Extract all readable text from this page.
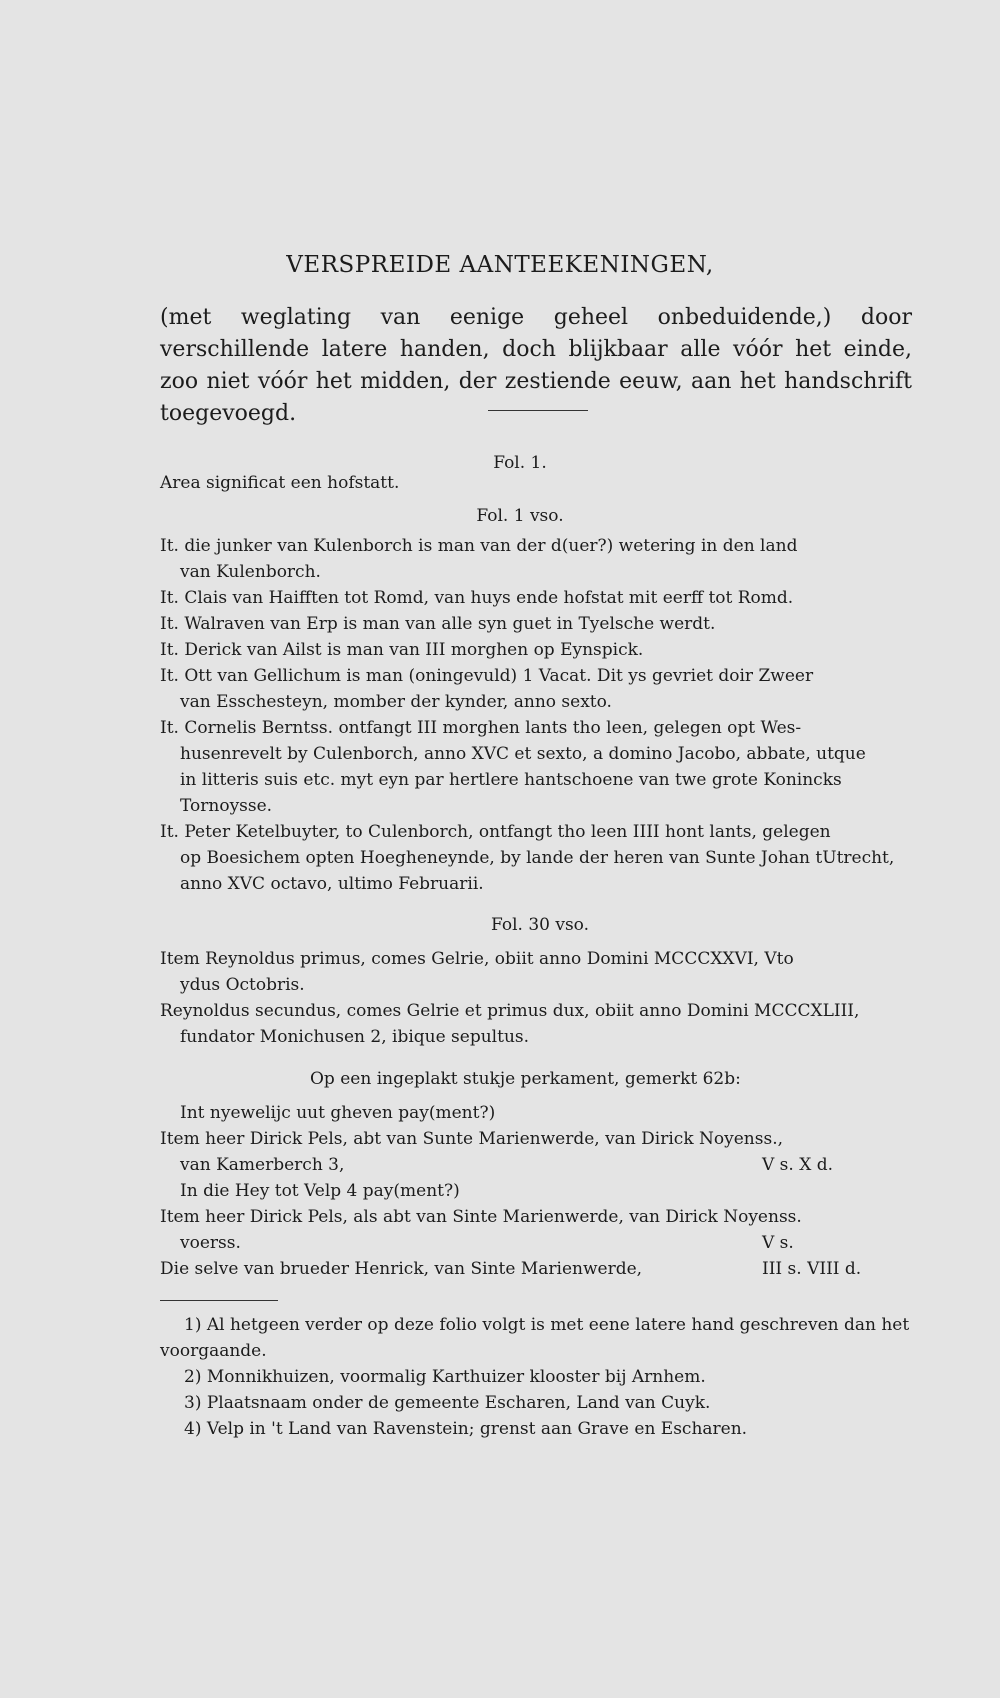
VERSPREIDE AANTEEKENINGEN,
(met weglating van eenige geheel onbeduidende,) door verschillende latere handen, doch blijkbaar alle vóór het einde, zoo niet vóór het midden, der zestiende eeuw, aan het handschrift toegevoegd.
Fol. 1.
Area significat een hofstatt.
Fol. 1 vso.
It. die junker van Kulenborch is man van der d(uer?) wetering in den land
van Kulenborch.
It. Clais van Haifften tot Romd, van huys ende hofstat mit eerff tot Romd.
It. Walraven van Erp is man van alle syn guet in Tyelsche werdt.
It. Derick van Ailst is man van III morghen op Eynspick.
It. Ott van Gellichum is man (oningevuld) 1 Vacat. Dit ys gevriet doir Zweer
van Esschesteyn, momber der kynder, anno sexto.
It. Cornelis Berntss. ontfangt III morghen lants tho leen, gelegen opt Wes-
husenrevelt by Culenborch, anno XVC et sexto, a domino Jacobo, abbate, utque
in litteris suis etc. myt eyn par hertlere hantschoene van twe grote Konincks
Tornoysse.
It. Peter Ketelbuyter, to Culenborch, ontfangt tho leen IIII hont lants, gelegen
op Boesichem opten Hoegheneynde, by lande der heren van Sunte Johan tUtrecht,
anno XVC octavo, ultimo Februarii.
Fol. 30 vso.
Item Reynoldus primus, comes Gelrie, obiit anno Domini MCCCXXVI, Vto
ydus Octobris.
Reynoldus secundus, comes Gelrie et primus dux, obiit anno Domini MCCCXLIII,
fundator Monichusen 2, ibique sepultus.
Op een ingeplakt stukje perkament, gemerkt 62b:
Int nyewelijc uut gheven pay(ment?)
Item heer Dirick Pels, abt van Sunte Marienwerde, van Dirick Noyenss.,
van Kamerberch 3,	V s. X d.
In die Hey tot Velp 4 pay(ment?)
Item heer Dirick Pels, als abt van Sinte Marienwerde, van Dirick Noyenss.
voerss.	V s.
Die selve van brueder Henrick, van Sinte Marienwerde,	III s. VIII d.
1) Al hetgeen verder op deze folio volgt is met eene latere hand geschreven dan het
voorgaande.
2) Monnikhuizen, voormalig Karthuizer klooster bij Arnhem.
3) Plaatsnaam onder de gemeente Escharen, Land van Cuyk.
4) Velp in 't Land van Ravenstein; grenst aan Grave en Escharen.
